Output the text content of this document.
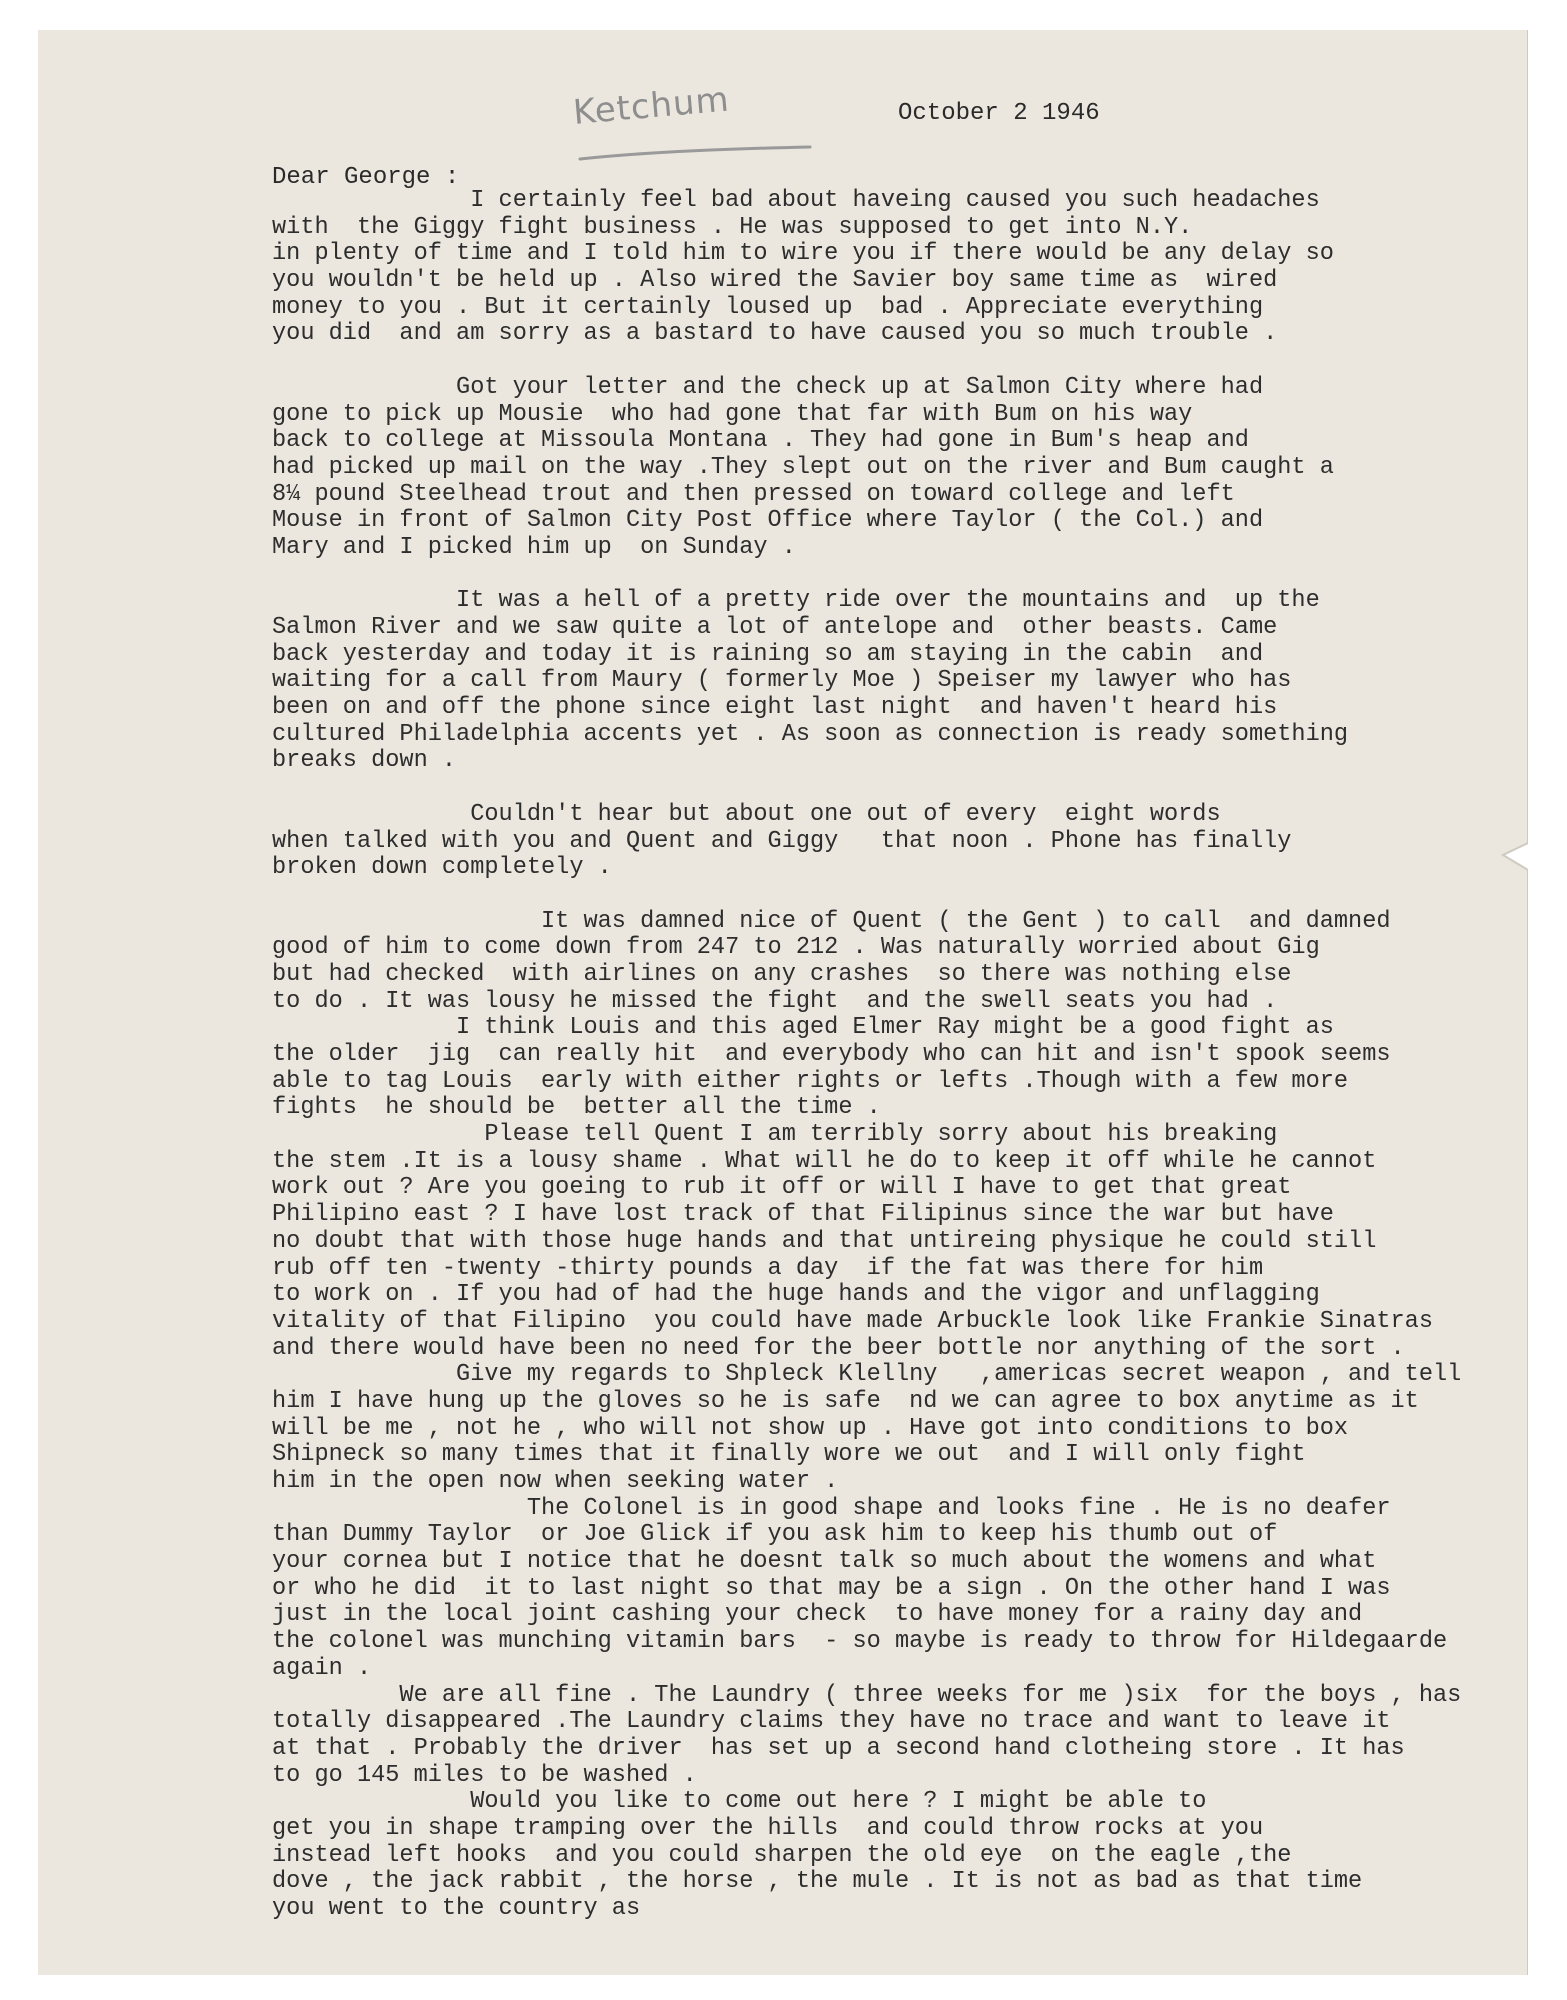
Ketchum	October 2 1946
Dear George :
I certainly feel bad about haveing caused you such headaches
with  the Giggy fight business . He was supposed to get into N.Y.
in plenty of time and I told him to wire you if there would be any delay so
you wouldn't be held up . Also wired the Savier boy same time as  wired
money to you . But it certainly loused up  bad . Appreciate everything
you did  and am sorry as a bastard to have caused you so much trouble .
Got your letter and the check up at Salmon City where had
gone to pick up Mousie  who had gone that far with Bum on his way
back to college at Missoula Montana . They had gone in Bum's heap and
had picked up mail on the way .They slept out on the river and Bum caught a
8¼ pound Steelhead trout and then pressed on toward college and left
Mouse in front of Salmon City Post Office where Taylor ( the Col.) and
Mary and I picked him up  on Sunday .
It was a hell of a pretty ride over the mountains and  up the
Salmon River and we saw quite a lot of antelope and  other beasts. Came
back yesterday and today it is raining so am staying in the cabin  and
waiting for a call from Maury ( formerly Moe ) Speiser my lawyer who has
been on and off the phone since eight last night  and haven't heard his
cultured Philadelphia accents yet . As soon as connection is ready something
breaks down .
Couldn't hear but about one out of every  eight words
when talked with you and Quent and Giggy   that noon . Phone has finally
broken down completely .
It was damned nice of Quent ( the Gent ) to call  and damned
good of him to come down from 247 to 212 . Was naturally worried about Gig
but had checked  with airlines on any crashes  so there was nothing else
to do . It was lousy he missed the fight  and the swell seats you had .
I think Louis and this aged Elmer Ray might be a good fight as
the older  jig  can really hit  and everybody who can hit and isn't spook seems
able to tag Louis  early with either rights or lefts .Though with a few more
fights  he should be  better all the time .
Please tell Quent I am terribly sorry about his breaking
the stem .It is a lousy shame . What will he do to keep it off while he cannot
work out ? Are you goeing to rub it off or will I have to get that great
Philipino east ? I have lost track of that Filipinus since the war but have
no doubt that with those huge hands and that untireing physique he could still
rub off ten -twenty -thirty pounds a day  if the fat was there for him
to work on . If you had of had the huge hands and the vigor and unflagging
vitality of that Filipino  you could have made Arbuckle look like Frankie Sinatras
and there would have been no need for the beer bottle nor anything of the sort .
Give my regards to Shpleck Klellny   ,americas secret weapon , and tell
him I have hung up the gloves so he is safe  nd we can agree to box anytime as it
will be me , not he , who will not show up . Have got into conditions to box
Shipneck so many times that it finally wore we out  and I will only fight
him in the open now when seeking water .
The Colonel is in good shape and looks fine . He is no deafer
than Dummy Taylor  or Joe Glick if you ask him to keep his thumb out of
your cornea but I notice that he doesnt talk so much about the womens and what
or who he did  it to last night so that may be a sign . On the other hand I was
just in the local joint cashing your check  to have money for a rainy day and
the colonel was munching vitamin bars  - so maybe is ready to throw for Hildegaarde
again .
We are all fine . The Laundry ( three weeks for me )six  for the boys , has
totally disappeared .The Laundry claims they have no trace and want to leave it
at that . Probably the driver  has set up a second hand clotheing store . It has
to go 145 miles to be washed .
Would you like to come out here ? I might be able to
get you in shape tramping over the hills  and could throw rocks at you
instead left hooks  and you could sharpen the old eye  on the eagle ,the
dove , the jack rabbit , the horse , the mule . It is not as bad as that time
you went to the country as
